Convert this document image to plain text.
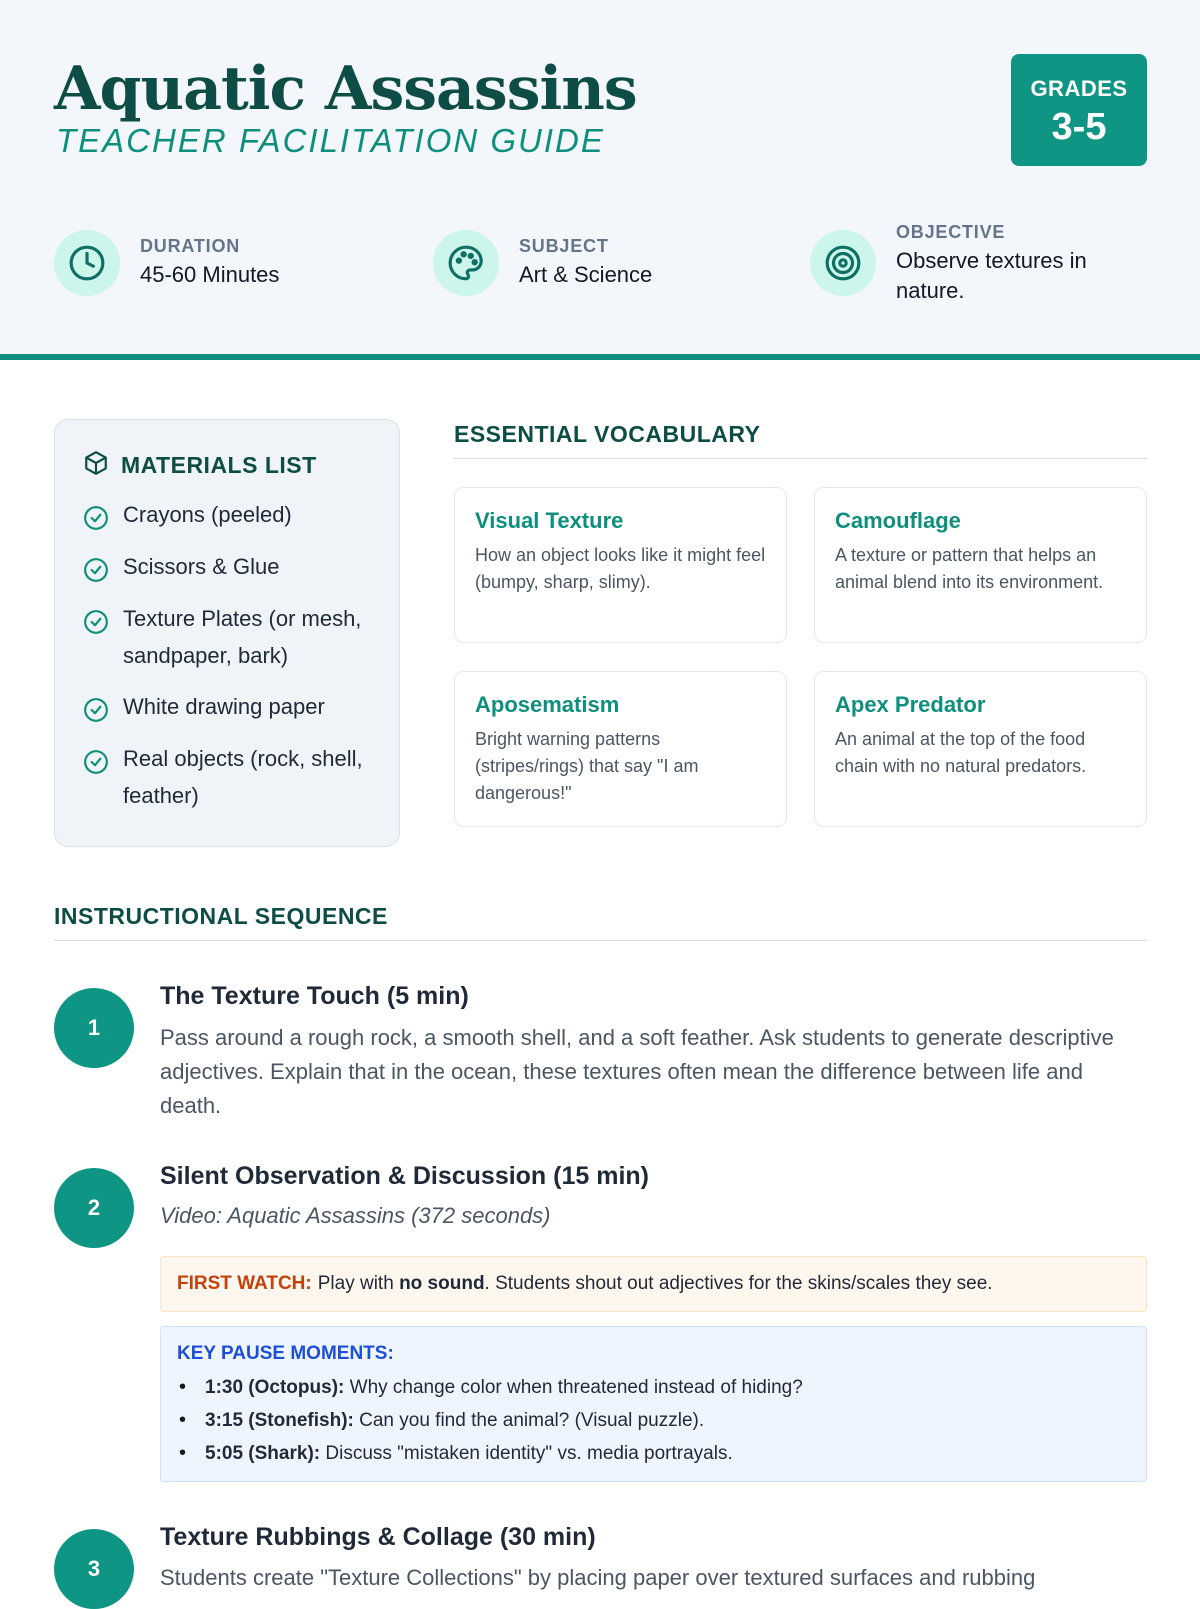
Aquatic Assassins
TEACHER FACILITATION GUIDE
GRADES
3-5
DURATION
45-60 Minutes
SUBJECT
Art & Science
OBJECTIVE
Observe textures in nature.
MATERIALS LIST
Crayons (peeled)
Scissors & Glue
Texture Plates (or mesh, sandpaper, bark)
White drawing paper
Real objects (rock, shell, feather)
ESSENTIAL VOCABULARY
Visual Texture
How an object looks like it might feel (bumpy, sharp, slimy).
Camouflage
A texture or pattern that helps an animal blend into its environment.
Aposematism
Bright warning patterns (stripes/rings) that say "I am dangerous!"
Apex Predator
An animal at the top of the food chain with no natural predators.
INSTRUCTIONAL SEQUENCE
1
The Texture Touch (5 min)
Pass around a rough rock, a smooth shell, and a soft feather. Ask students to generate descriptive adjectives. Explain that in the ocean, these textures often mean the difference between life and death.
2
Silent Observation & Discussion (15 min)
Video: Aquatic Assassins (372 seconds)
FIRST WATCH: Play with
no sound . Students shout out adjectives for the skins/scales they see.
KEY PAUSE MOMENTS:
• 1:30 (Octopus): Why change color when threatened instead of hiding?
• 3:15 (Stonefish): Can you find the animal? (Visual puzzle).
• 5:05 (Shark): Discuss "mistaken identity" vs. media portrayals.
3
Texture Rubbings & Collage (30 min)
Students create "Texture Collections" by placing paper over textured surfaces and rubbing
